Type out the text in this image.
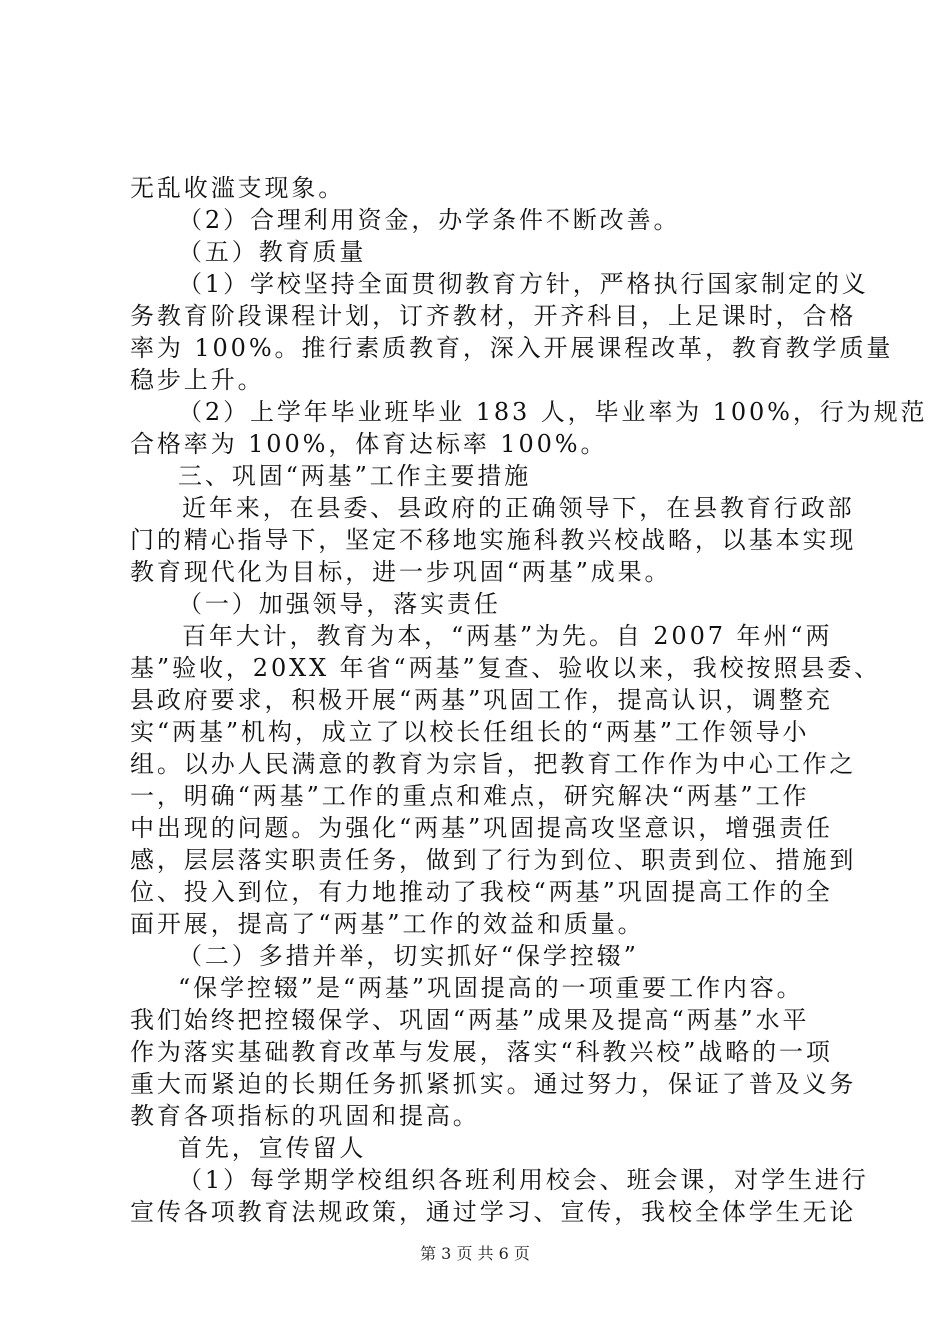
无乱收滥支现象。
（2）合理利用资金，办学条件不断改善。
（五）教育质量
（1）学校坚持全面贯彻教育方针，严格执行国家制定的义
务教育阶段课程计划，订齐教材，开齐科目，上足课时，合格
率为 100%。推行素质教育，深入开展课程改革，教育教学质量
稳步上升。
（2）上学年毕业班毕业 183 人，毕业率为 100%，行为规范
合格率为 100%，体育达标率 100%。
三、巩固“两基”工作主要措施
近年来，在县委、县政府的正确领导下，在县教育行政部
门的精心指导下，坚定不移地实施科教兴校战略，以基本实现
教育现代化为目标，进一步巩固“两基”成果。
（一）加强领导，落实责任
百年大计，教育为本，“两基”为先。自 2007 年州“两
基”验收，20XX 年省“两基”复查、验收以来，我校按照县委、
县政府要求，积极开展“两基”巩固工作，提高认识，调整充
实“两基”机构，成立了以校长任组长的“两基”工作领导小
组。以办人民满意的教育为宗旨，把教育工作作为中心工作之
一，明确“两基”工作的重点和难点，研究解决“两基”工作
中出现的问题。为强化“两基”巩固提高攻坚意识，增强责任
感，层层落实职责任务，做到了行为到位、职责到位、措施到
位、投入到位，有力地推动了我校“两基”巩固提高工作的全
面开展，提高了“两基”工作的效益和质量。
（二）多措并举，切实抓好“保学控辍”
“保学控辍”是“两基”巩固提高的一项重要工作内容。
我们始终把控辍保学、巩固“两基”成果及提高“两基”水平
作为落实基础教育改革与发展，落实“科教兴校”战略的一项
重大而紧迫的长期任务抓紧抓实。通过努力，保证了普及义务
教育各项指标的巩固和提高。
首先，宣传留人
（1）每学期学校组织各班利用校会、班会课，对学生进行
宣传各项教育法规政策，通过学习、宣传，我校全体学生无论
第 3 页 共 6 页
